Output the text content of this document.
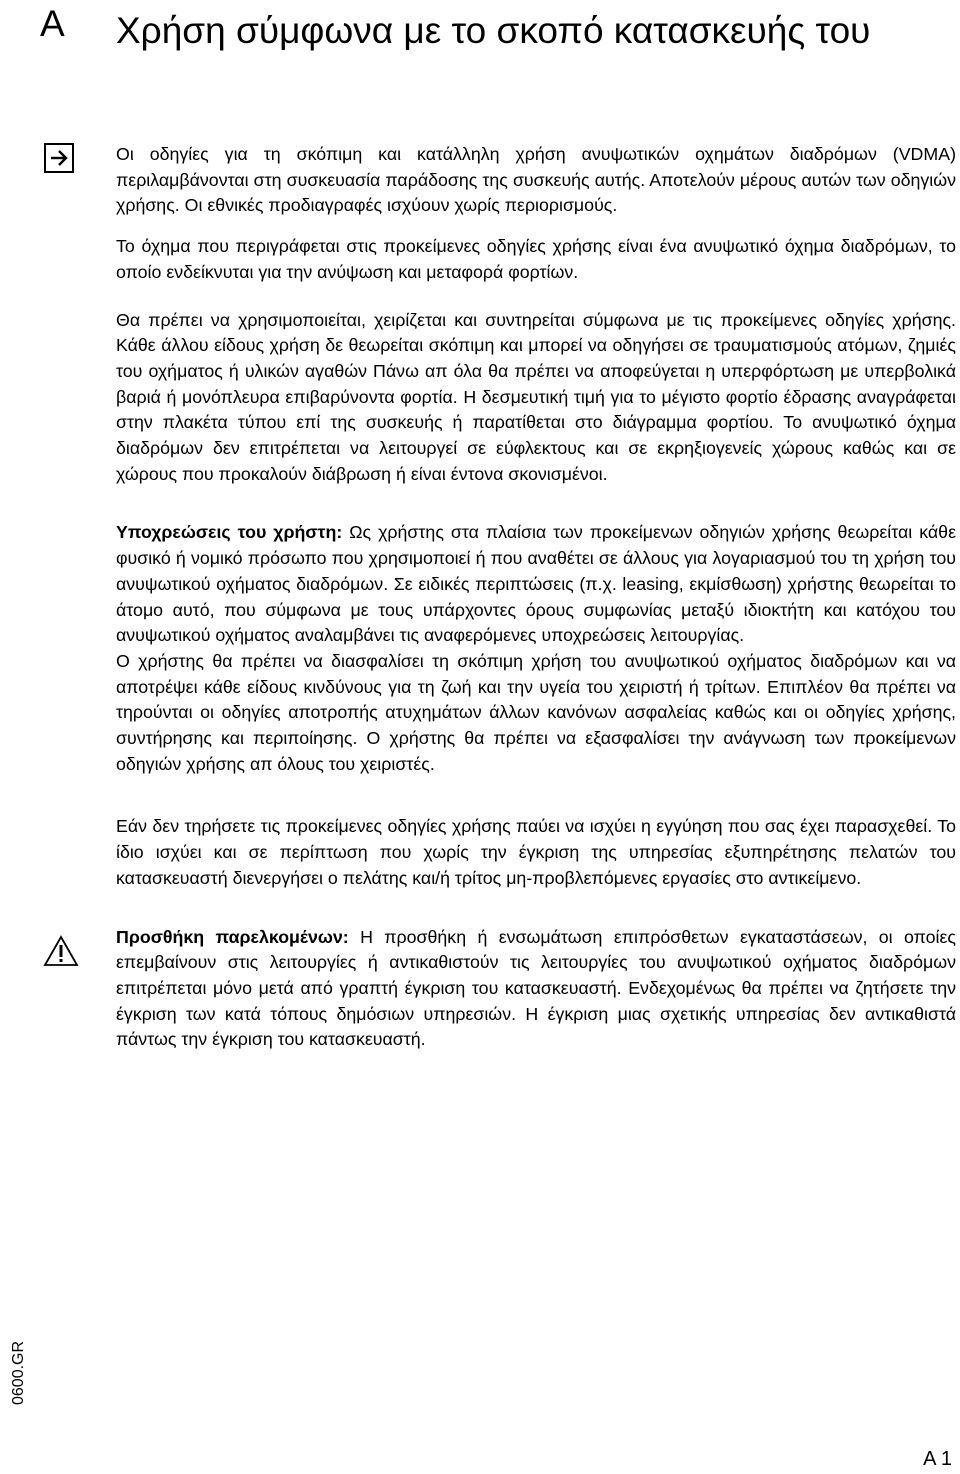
A Χρήση σύμφωνα με το σκοπό κατασκευής του

Οι οδηγίες για τη σκόπιμη και κατάλληλη χρήση ανυψωτικών οχημάτων διαδρόμων (VDMA) περιλαμβάνονται στη συσκευασία παράδοσης της συσκευής αυτής. Αποτελούν μέρους αυτών των οδηγιών χρήσης. Οι εθνικές προδιαγραφές ισχύουν χωρίς περιορισμούς.

Το όχημα που περιγράφεται στις προκείμενες οδηγίες χρήσης είναι ένα ανυψωτικό όχημα διαδρόμων, το οποίο ενδείκνυται για την ανύψωση και μεταφορά φορτίων.

Θα πρέπει να χρησιμοποιείται, χειρίζεται και συντηρείται σύμφωνα με τις προκείμενες οδηγίες χρήσης. Κάθε άλλου είδους χρήση δε θεωρείται σκόπιμη και μπορεί να οδηγήσει σε τραυματισμούς ατόμων, ζημιές του οχήματος ή υλικών αγαθών Πάνω απ όλα θα πρέπει να αποφεύγεται η υπερφόρτωση με υπερβολικά βαριά ή μονόπλευρα επιβαρύνοντα φορτία. Η δεσμευτική τιμή για το μέγιστο φορτίο έδρασης αναγράφεται στην πλακέτα τύπου επί της συσκευής ή παρατίθεται στο διάγραμμα φορτίου. Το ανυψωτικό όχημα διαδρόμων δεν επιτρέπεται να λειτουργεί σε εύφλεκτους και σε εκρηξιογενείς χώρους καθώς και σε χώρους που προκαλούν διάβρωση ή είναι έντονα σκονισμένοι.

Υποχρεώσεις του χρήστη: Ως χρήστης στα πλαίσια των προκείμενων οδηγιών χρήσης θεωρείται κάθε φυσικό ή νομικό πρόσωπο που χρησιμοποιεί ή που αναθέτει σε άλλους για λογαριασμού του τη χρήση του ανυψωτικού οχήματος διαδρόμων. Σε ειδικές περιπτώσεις (π.χ. leasing, εκμίσθωση) χρήστης θεωρείται το άτομο αυτό, που σύμφωνα με τους υπάρχοντες όρους συμφωνίας μεταξύ ιδιοκτήτη και κατόχου του ανυψωτικού οχήματος αναλαμβάνει τις αναφερόμενες υποχρεώσεις λειτουργίας.

Ο χρήστης θα πρέπει να διασφαλίσει τη σκόπιμη χρήση του ανυψωτικού οχήματος διαδρόμων και να αποτρέψει κάθε είδους κινδύνους για τη ζωή και την υγεία του χειριστή ή τρίτων. Επιπλέον θα πρέπει να τηρούνται οι οδηγίες αποτροπής ατυχημάτων άλλων κανόνων ασφαλείας καθώς και οι οδηγίες χρήσης, συντήρησης και περιποίησης. Ο χρήστης θα πρέπει να εξασφαλίσει την ανάγνωση των προκείμενων οδηγιών χρήσης απ όλους του χειριστές.

Εάν δεν τηρήσετε τις προκείμενες οδηγίες χρήσης παύει να ισχύει η εγγύηση που σας έχει παρασχεθεί. Το ίδιο ισχύει και σε περίπτωση που χωρίς την έγκριση της υπηρεσίας εξυπηρέτησης πελατών του κατασκευαστή διενεργήσει ο πελάτης και/ή τρίτος μη-προβλεπόμενες εργασίες στο αντικείμενο.

Προσθήκη παρελκομένων: Η προσθήκη ή ενσωμάτωση επιπρόσθετων εγκαταστάσεων, οι οποίες επεμβαίνουν στις λειτουργίες ή αντικαθιστούν τις λειτουργίες του ανυψωτικού οχήματος διαδρόμων επιτρέπεται μόνο μετά από γραπτή έγκριση του κατασκευαστή. Ενδεχομένως θα πρέπει να ζητήσετε την έγκριση των κατά τόπους δημόσιων υπηρεσιών. Η έγκριση μιας σχετικής υπηρεσίας δεν αντικαθιστά πάντως την έγκριση του κατασκευαστή.

0600.GR
A 1
